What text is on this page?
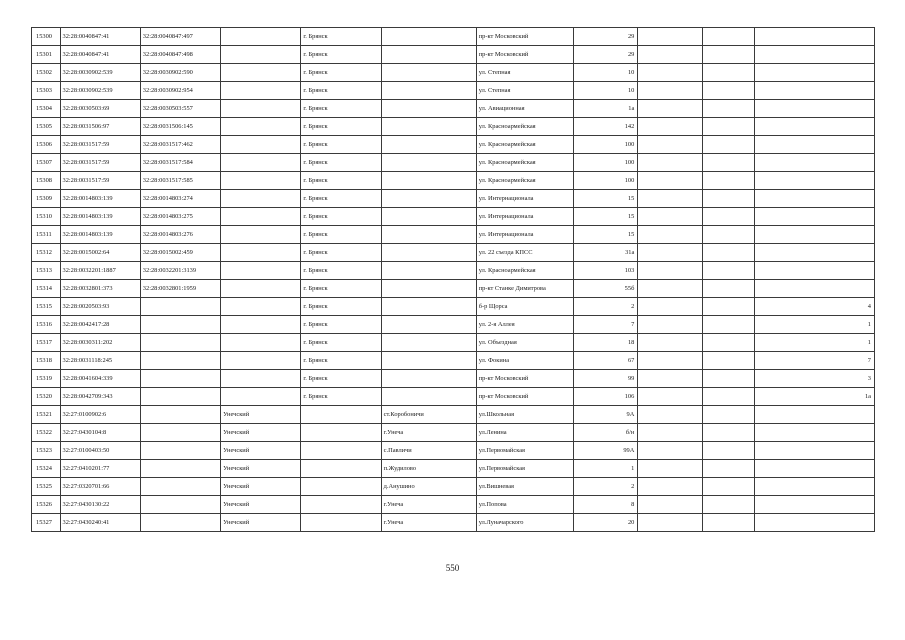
15300	32:28:0040847:41	32:28:0040847:497		г. Брянск		пр-кт Московский	29			
15301	32:28:0040847:41	32:28:0040847:498		г. Брянск		пр-кт Московский	29			
15302	32:28:0030902:539	32:28:0030902:590		г. Брянск		ул. Степная	10			
15303	32:28:0030902:539	32:28:0030902:954		г. Брянск		ул. Степная	10			
15304	32:28:0030503:69	32:28:0030503:557		г. Брянск		ул. Авиационная	1а			
15305	32:28:0031506:97	32:28:0031506:145		г. Брянск		ул. Красноармейская	142			
15306	32:28:0031517:59	32:28:0031517:462		г. Брянск		ул. Красноармейская	100			
15307	32:28:0031517:59	32:28:0031517:584		г. Брянск		ул. Красноармейская	100			
15308	32:28:0031517:59	32:28:0031517:585		г. Брянск		ул. Красноармейская	100			
15309	32:28:0014803:139	32:28:0014803:274		г. Брянск		ул. Интернационала	15			
15310	32:28:0014803:139	32:28:0014803:275		г. Брянск		ул. Интернационала	15			
15311	32:28:0014803:139	32:28:0014803:276		г. Брянск		ул. Интернационала	15			
15312	32:28:0015002:64	32:28:0015002:459		г. Брянск		ул. 22 съезда КПСС	31а			
15313	32:28:0032201:1887	32:28:0032201:3139		г. Брянск		ул. Красноармейская	103			
15314	32:28:0032801:373	32:28:0032801:1959		г. Брянск		пр-кт Станке Димитрова	55б			
15315	32:28:0020503:93			г. Брянск		б-р Щорса	2			4
15316	32:28:0042417:28			г. Брянск		ул. 2-я Аллея	7			1
15317	32:28:0030311:202			г. Брянск		ул. Объездная	18			1
15318	32:28:0031118:245			г. Брянск		ул. Фокина	67			7
15319	32:28:0041604:339			г. Брянск		пр-кт Московский	99			3
15320	32:28:0042709:343			г. Брянск		пр-кт Московский	106			1а
15321	32:27:0100902:6		Унечский		ст.Коробоничи	ул.Школьная	9А			
15322	32:27:0430104:8		Унечский		г.Унеча	ул.Ленина	б/н			
15323	32:27:0100403:50		Унечский		с.Павличи	ул.Первомайская	99А			
15324	32:27:0410201:77		Унечский		п.Жудилово	ул.Первомайская	1			
15325	32:27:0320701:66		Унечский		д.Анушино	ул.Вишневая	2			
15326	32:27:0430130:22		Унечский		г.Унеча	ул.Попова	8			
15327	32:27:0430240:41		Унечский		г.Унеча	ул.Луначарского	20			
550
